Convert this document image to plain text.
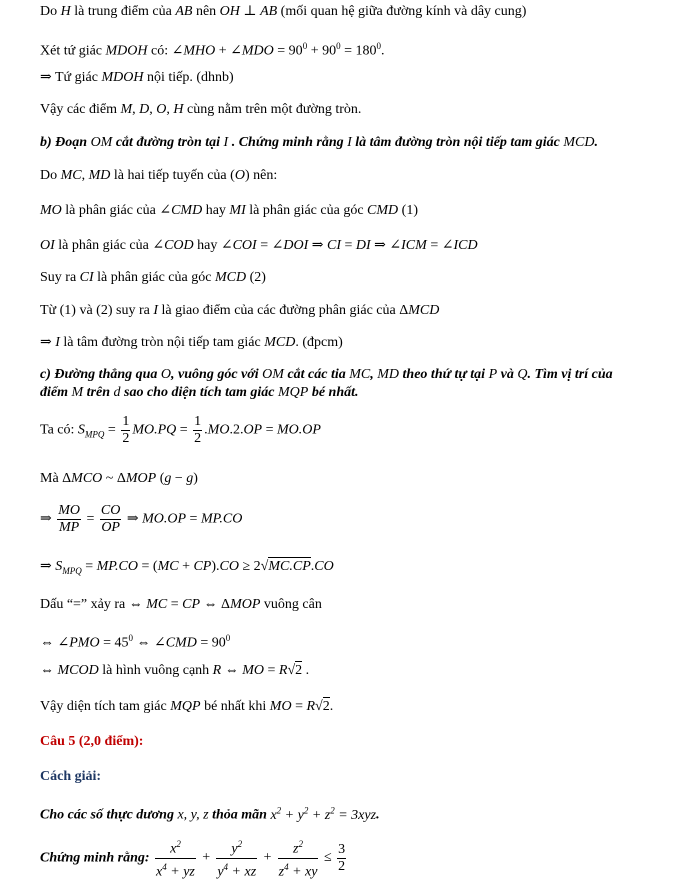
Do H là trung điểm của AB nên OH ⊥ AB (mối quan hệ giữa đường kính và dây cung)
Xét tứ giác MDOH có: ∠MHO + ∠MDO = $90^0 + 90^0 = 180^0$.
⇒ Tứ giác MDOH nội tiếp. (dhnb)
Vậy các điểm M, D, O, H cùng nằm trên một đường tròn.
b) Đoạn OM cắt đường tròn tại I . Chứng minh rằng I là tâm đường tròn nội tiếp tam giác MCD.
Do MC, MD là hai tiếp tuyến của (O) nên:
MO là phân giác của ∠CMD hay MI là phân giác của góc CMD (1)
OI là phân giác của ∠COD hay ∠COI = ∠DOI ⇒ CI = DI ⇒ ∠ICM = ∠ICD
Suy ra CI là phân giác của góc MCD (2)
Từ (1) và (2) suy ra I là giao điểm của các đường phân giác của ΔMCD
⇒ I là tâm đường tròn nội tiếp tam giác MCD. (đpcm)
c) Đường thẳng qua O, vuông góc với OM cắt các tia MC, MD theo thứ tự tại P và Q. Tìm vị trí của
điểm M trên d sao cho diện tích tam giác MQP bé nhất.
Ta có: $S_{MPQ} = \frac{1}{2} MO.PQ = \frac{1}{2} .MO.2.OP = MO.OP$
Mà ΔMCO ~ ΔMOP (g − g)
⇒ $\frac{MO}{MP} = \frac{CO}{OP}$ ⇒ MO.OP = MP.CO
⇒ $S_{MPQ} = MP.CO = (MC + CP).CO \ge 2√MC.CP.CO$
Dấu “=” xảy ra ⇔ MC = CP ⇔ ΔMOP vuông cân
⇔ ∠PMO = $45^0$ ⇔ ∠CMD = $90^0$
⇔ MCOD là hình vuông cạnh R ⇔ MO = R√2 .
Vậy diện tích tam giác MQP bé nhất khi MO = R√2.
Câu 5 (2,0 điểm):
Cách giải:
Cho các số thực dương x, y, z thỏa mãn $x^2 + y^2 + z^2 = 3xyz$.
Chứng minh rằng: $\frac{x^2}{x^4 + yz} + \frac{y^2}{y^4 + xz} + \frac{z^2}{z^4 + xy} \le \frac{3}{2}$
